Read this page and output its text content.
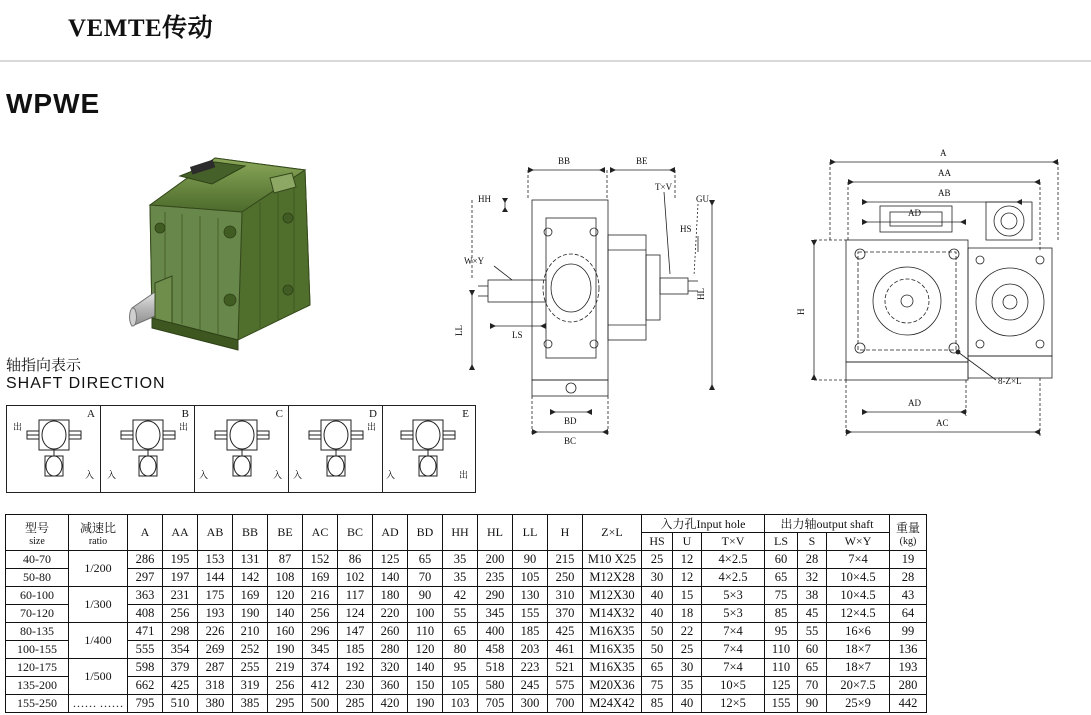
VEMTE传动
WPWE
轴指向表示
SHAFT DIRECTION
A
出
入
B
入
出
C
入	入
D
入
出
E
入	出
BB	BE
T×V
GU
HH
HS
W×Y
LS
LL
HL
BD
BC
A
AA
AB
AD
H
AD
AC
8-Z×L
型号
size

减速比
ratio
	A	AA	AB	BB	BE	AC	BC	AD	BD	HH	HL	LL	H	Z×L	入力孔Input hole	出力轴output shaft	重量
(kg)

																HS	U	T×V	LS	S	W×Y	
40-70	1/200	286	195	153	131	87	152	86	125	65	35	200	90	215	M10 X25	25	12	4×2.5	60	28	7×4	19
50-80		297	197	144	142	108	169	102	140	70	35	235	105	250	M12X28	30	12	4×2.5	65	32	10×4.5	28
60-100	1/300	363	231	175	169	120	216	117	180	90	42	290	130	310	M12X30	40	15	5×3	75	38	10×4.5	43
70-120		408	256	193	190	140	256	124	220	100	55	345	155	370	M14X32	40	18	5×3	85	45	12×4.5	64
80-135	1/400	471	298	226	210	160	296	147	260	110	65	400	185	425	M16X35	50	22	7×4	95	55	16×6	99
100-155		555	354	269	252	190	345	185	280	120	80	458	203	461	M16X35	50	25	7×4	110	60	18×7	136
120-175	1/500	598	379	287	255	219	374	192	320	140	95	518	223	521	M16X35	65	30	7×4	110	65	18×7	193
135-200		662	425	318	319	256	412	230	360	150	105	580	245	575	M20X36	75	35	10×5	125	70	20×7.5	280
155-250	…… ……	795	510	380	385	295	500	285	420	190	103	705	300	700	M24X42	85	40	12×5	155	90	25×9	442
